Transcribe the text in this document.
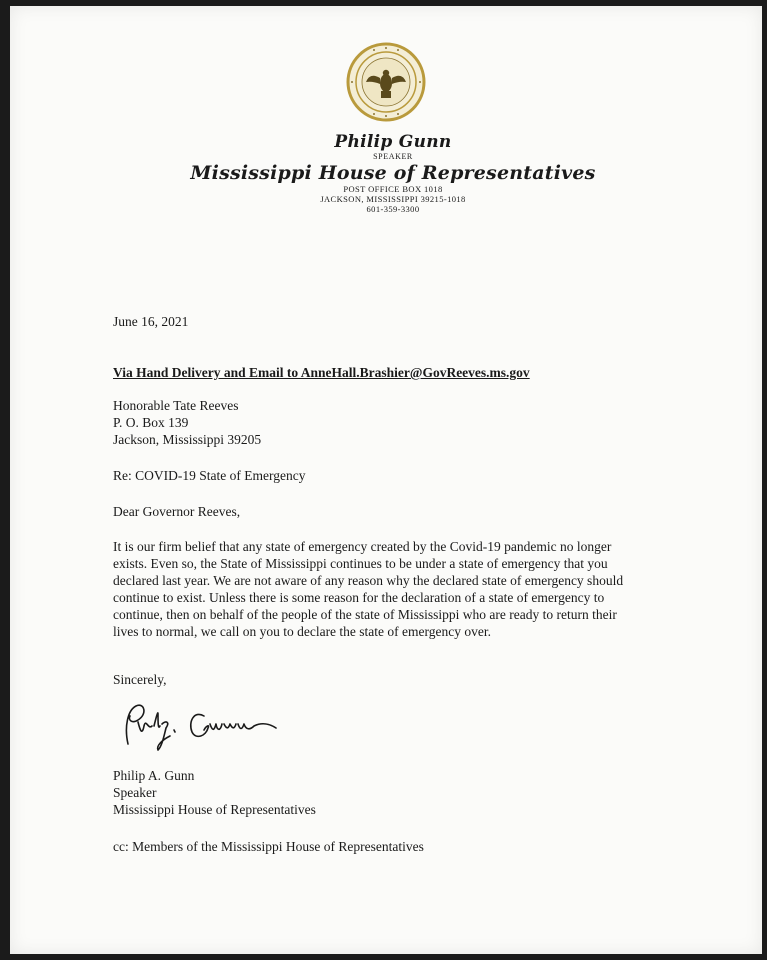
Philip Gunn
SPEAKER
Mississippi House of Representatives
POST OFFICE BOX 1018
JACKSON, MISSISSIPPI 39215-1018
601-359-3300
June 16, 2021
Via Hand Delivery and Email to AnneHall.Brashier@GovReeves.ms.gov
Honorable Tate Reeves
P. O. Box 139
Jackson, Mississippi 39205
Re: COVID-19 State of Emergency
Dear Governor Reeves,
It is our firm belief that any state of emergency created by the Covid-19 pandemic no longer
exists. Even so, the State of Mississippi continues to be under a state of emergency that you
declared last year. We are not aware of any reason why the declared state of emergency should
continue to exist. Unless there is some reason for the declaration of a state of emergency to
continue, then on behalf of the people of the state of Mississippi who are ready to return their
lives to normal, we call on you to declare the state of emergency over.
Sincerely,
Philip A. Gunn
Speaker
Mississippi House of Representatives
cc: Members of the Mississippi House of Representatives
